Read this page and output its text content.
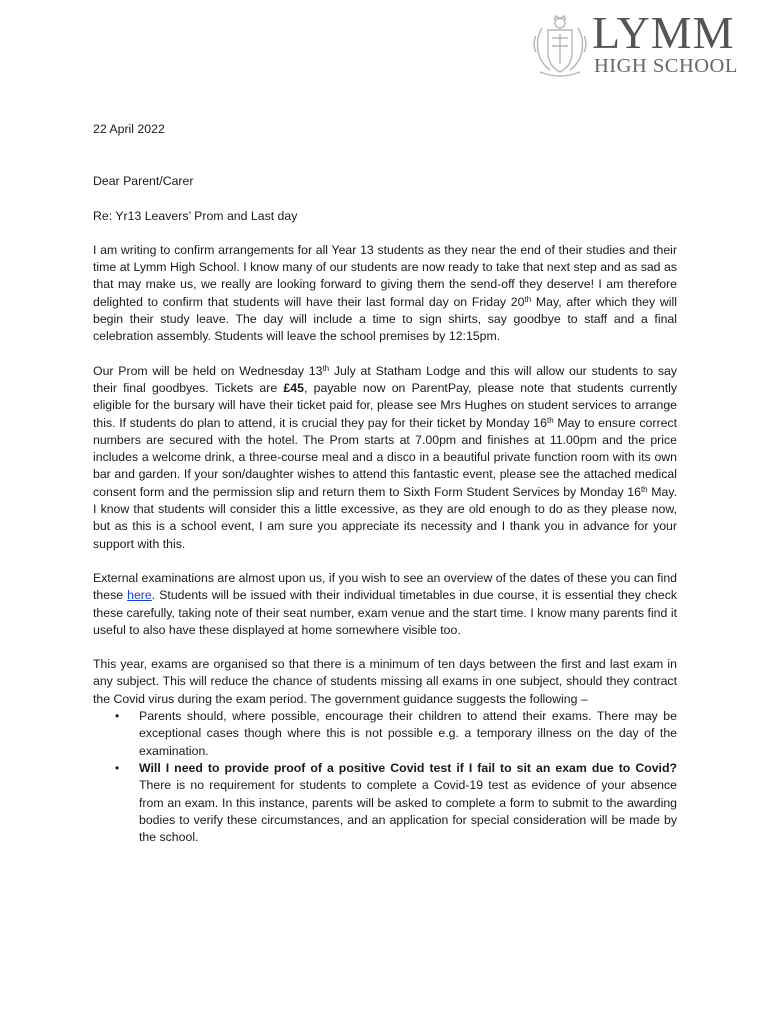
LYMM
HIGH SCHOOL

22 April 2022

Dear Parent/Carer

Re: Yr13 Leavers’ Prom and Last day

I am writing to confirm arrangements for all Year 13 students as they near the end of their studies and their time at Lymm High School. I know many of our students are now ready to take that next step and as sad as that may make us, we really are looking forward to giving them the send-off they deserve! I am therefore delighted to confirm that students will have their last formal day on Friday 20th May, after which they will begin their study leave. The day will include a time to sign shirts, say goodbye to staff and a final celebration assembly. Students will leave the school premises by 12:15pm.

Our Prom will be held on Wednesday 13th July at Statham Lodge and this will allow our students to say their final goodbyes. Tickets are £45, payable now on ParentPay, please note that students currently eligible for the bursary will have their ticket paid for, please see Mrs Hughes on student services to arrange this. If students do plan to attend, it is crucial they pay for their ticket by Monday 16th May to ensure correct numbers are secured with the hotel. The Prom starts at 7.00pm and finishes at 11.00pm and the price includes a welcome drink, a three-course meal and a disco in a beautiful private function room with its own bar and garden. If your son/daughter wishes to attend this fantastic event, please see the attached medical consent form and the permission slip and return them to Sixth Form Student Services by Monday 16th May. I know that students will consider this a little excessive, as they are old enough to do as they please now, but as this is a school event, I am sure you appreciate its necessity and I thank you in advance for your support with this.

External examinations are almost upon us, if you wish to see an overview of the dates of these you can find these here. Students will be issued with their individual timetables in due course, it is essential they check these carefully, taking note of their seat number, exam venue and the start time. I know many parents find it useful to also have these displayed at home somewhere visible too.

This year, exams are organised so that there is a minimum of ten days between the first and last exam in any subject. This will reduce the chance of students missing all exams in one subject, should they contract the Covid virus during the exam period. The government guidance suggests the following –

• Parents should, where possible, encourage their children to attend their exams. There may be exceptional cases though where this is not possible e.g. a temporary illness on the day of the examination.
• Will I need to provide proof of a positive Covid test if I fail to sit an exam due to Covid? There is no requirement for students to complete a Covid-19 test as evidence of your absence from an exam. In this instance, parents will be asked to complete a form to submit to the awarding bodies to verify these circumstances, and an application for special consideration will be made by the school.
